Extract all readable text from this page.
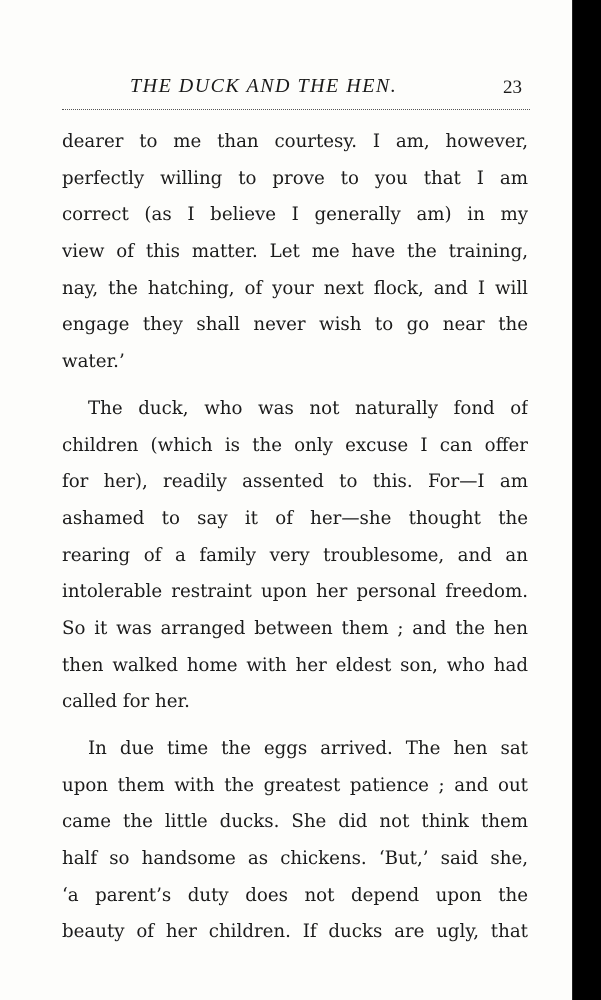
THE DUCK AND THE HEN.	23
dearer to me than courtesy. I am, however,
perfectly willing to prove to you that I am
correct (as I believe I generally am) in my
view of this matter. Let me have the training,
nay, the hatching, of your next flock, and I will
engage they shall never wish to go near the
water.’
The duck, who was not naturally fond of
children (which is the only excuse I can offer
for her), readily assented to this. For—I am
ashamed to say it of her—she thought the
rearing of a family very troublesome, and an
intolerable restraint upon her personal freedom.
So it was arranged between them ; and the hen
then walked home with her eldest son, who had
called for her.
In due time the eggs arrived. The hen sat
upon them with the greatest patience ; and out
came the little ducks. She did not think them
half so handsome as chickens. ‘But,’ said she,
‘a parent’s duty does not depend upon the
beauty of her children. If ducks are ugly, that
